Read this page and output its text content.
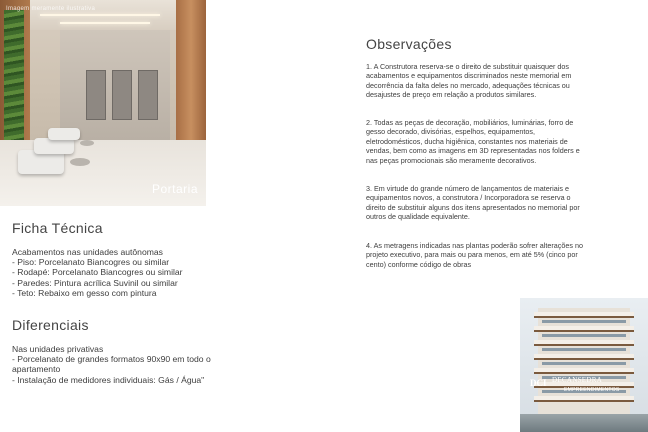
Imagem meramente ilustrativa
Portaria
Ficha Técnica
Acabamentos nas unidades autônomas
- Piso: Porcelanato Biancogres ou similar
- Rodapé: Porcelanato Biancogres ou similar
- Paredes: Pintura acrílica Suvinil ou similar
- Teto: Rebaixo em gesso com pintura
Diferenciais
Nas unidades privativas
- Porcelanato de grandes formatos 90x90 em todo o
apartamento
- Instalação de medidores individuais: Gás / Água"
Observações
1. A Construtora reserva-se o direito de substituir quaisquer dos acabamentos e equipamentos discriminados neste memorial em decorrência da falta deles no mercado, adequações técnicas ou desajustes de preço em relação a produtos similares.
2. Todas as peças de decoração, mobiliários, luminárias, forro de gesso decorado, divisórias, espelhos, equipamentos, eletrodomésticos, ducha higiênica, constantes nos materiais de vendas, bem como as imagens em 3D representadas nos folders e nas peças promocionais são meramente decorativos.
3. Em virtude do grande número de lançamentos de materiais e equipamentos novos, a construtora / Incorporadora se reserva o direito de substituir alguns dos itens apresentados no memorial por outros de qualidade equivalente.
4. As metragens indicadas nas plantas poderão sofrer alterações no projeto executivo, para mais ou para menos, em até 5% (cinco por cento) conforme código de obras
DCI DECANSEDRA
EMPREENDIMENTOS
